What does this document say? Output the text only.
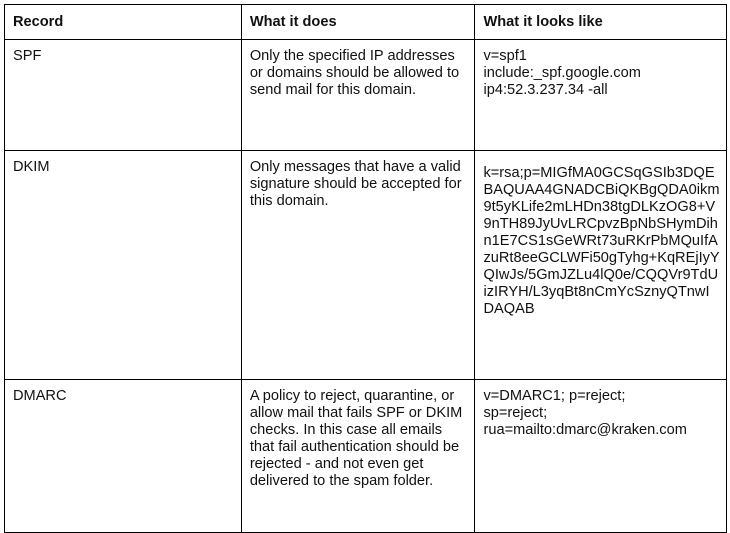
Record	What it does	What it looks like

SPF	Only the specified IP addresses or domains should be allowed to send mail for this domain.	v=spf1
include:_spf.google.com
ip4:52.3.237.34 -all

DKIM	Only messages that have a valid signature should be accepted for this domain.	k=rsa;p=MIGfMA0GCSqGSIb3DQEBAQUAA4GNADCBiQKBgQDA0ikm9t5yKLife2mLHDn38tgDLKzOG8+V9nTH89JyUvLRCpvzBpNbSHymDihn1E7CS1sGeWRt73uRKrPbMQuIfAzuRt8eeGCLWFi50gTyhg+KqREjIyYQIwJs/5GmJZLu4lQ0e/CQQVr9TdUizIRYH/L3yqBt8nCmYcSznyQTnwIDAQAB

DMARC	A policy to reject, quarantine, or allow mail that fails SPF or DKIM checks. In this case all emails that fail authentication should be rejected - and not even get delivered to the spam folder.	v=DMARC1; p=reject;
sp=reject;
rua=mailto:dmarc@kraken.com
